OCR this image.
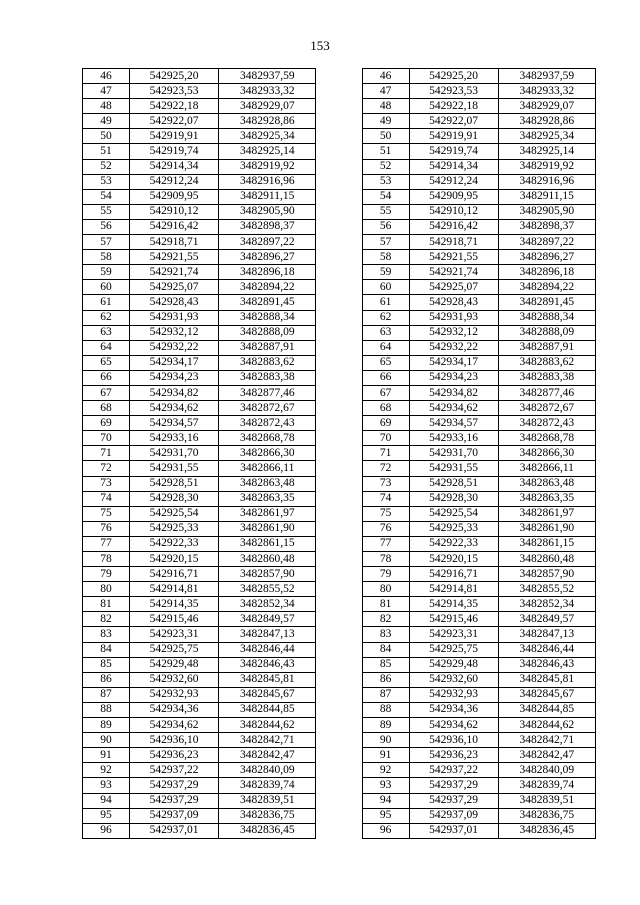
153
46	542925,20	3482937,59		46	542925,20	3482937,59
47	542923,53	3482933,32		47	542923,53	3482933,32
48	542922,18	3482929,07		48	542922,18	3482929,07
49	542922,07	3482928,86		49	542922,07	3482928,86
50	542919,91	3482925,34		50	542919,91	3482925,34
51	542919,74	3482925,14		51	542919,74	3482925,14
52	542914,34	3482919,92		52	542914,34	3482919,92
53	542912,24	3482916,96		53	542912,24	3482916,96
54	542909,95	3482911,15		54	542909,95	3482911,15
55	542910,12	3482905,90		55	542910,12	3482905,90
56	542916,42	3482898,37		56	542916,42	3482898,37
57	542918,71	3482897,22		57	542918,71	3482897,22
58	542921,55	3482896,27		58	542921,55	3482896,27
59	542921,74	3482896,18		59	542921,74	3482896,18
60	542925,07	3482894,22		60	542925,07	3482894,22
61	542928,43	3482891,45		61	542928,43	3482891,45
62	542931,93	3482888,34		62	542931,93	3482888,34
63	542932,12	3482888,09		63	542932,12	3482888,09
64	542932,22	3482887,91		64	542932,22	3482887,91
65	542934,17	3482883,62		65	542934,17	3482883,62
66	542934,23	3482883,38		66	542934,23	3482883,38
67	542934,82	3482877,46		67	542934,82	3482877,46
68	542934,62	3482872,67		68	542934,62	3482872,67
69	542934,57	3482872,43		69	542934,57	3482872,43
70	542933,16	3482868,78		70	542933,16	3482868,78
71	542931,70	3482866,30		71	542931,70	3482866,30
72	542931,55	3482866,11		72	542931,55	3482866,11
73	542928,51	3482863,48		73	542928,51	3482863,48
74	542928,30	3482863,35		74	542928,30	3482863,35
75	542925,54	3482861,97		75	542925,54	3482861,97
76	542925,33	3482861,90		76	542925,33	3482861,90
77	542922,33	3482861,15		77	542922,33	3482861,15
78	542920,15	3482860,48		78	542920,15	3482860,48
79	542916,71	3482857,90		79	542916,71	3482857,90
80	542914,81	3482855,52		80	542914,81	3482855,52
81	542914,35	3482852,34		81	542914,35	3482852,34
82	542915,46	3482849,57		82	542915,46	3482849,57
83	542923,31	3482847,13		83	542923,31	3482847,13
84	542925,75	3482846,44		84	542925,75	3482846,44
85	542929,48	3482846,43		85	542929,48	3482846,43
86	542932,60	3482845,81		86	542932,60	3482845,81
87	542932,93	3482845,67		87	542932,93	3482845,67
88	542934,36	3482844,85		88	542934,36	3482844,85
89	542934,62	3482844,62		89	542934,62	3482844,62
90	542936,10	3482842,71		90	542936,10	3482842,71
91	542936,23	3482842,47		91	542936,23	3482842,47
92	542937,22	3482840,09		92	542937,22	3482840,09
93	542937,29	3482839,74		93	542937,29	3482839,74
94	542937,29	3482839,51		94	542937,29	3482839,51
95	542937,09	3482836,75		95	542937,09	3482836,75
96	542937,01	3482836,45		96	542937,01	3482836,45
